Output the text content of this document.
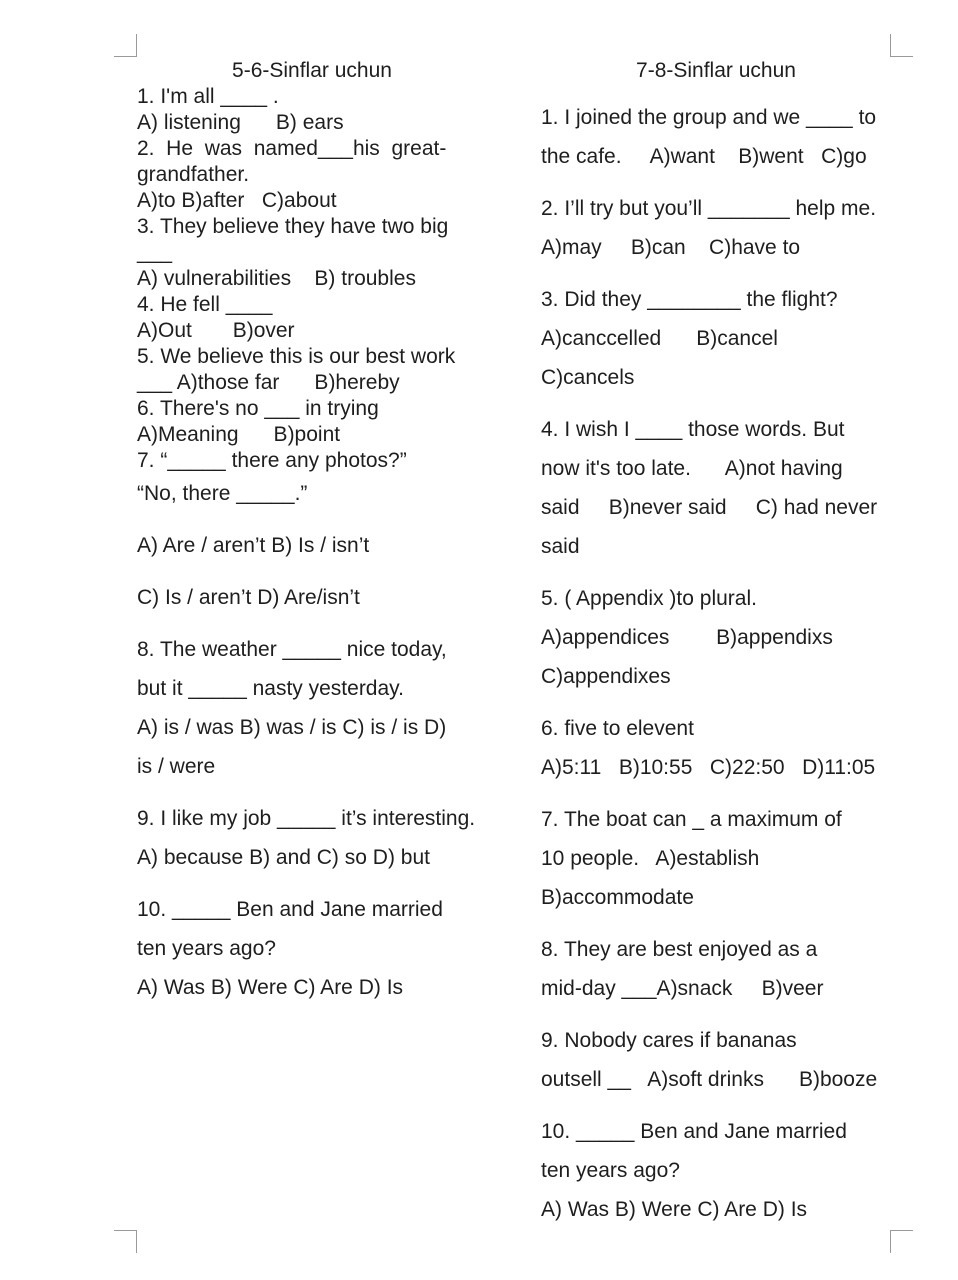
5-6-Sinflar uchun
1. I'm all ____ .
A) listening      B) ears
2.  He  was  named___his  great-
grandfather.
A)to B)after   C)about
3. They believe they have two big
___
A) vulnerabilities    B) troubles
4. He fell ____
A)Out       B)over
5. We believe this is our best work
___ A)those far      B)hereby
6. There's no ___ in trying
A)Meaning      B)point
7. “_____ there any photos?”
“No, there _____.”
A) Are / aren’t B) Is / isn’t
C) Is / aren’t D) Are/isn’t
8. The weather _____ nice today,
but it _____ nasty yesterday.
A) is / was B) was / is C) is / is D)
is / were
9. I like my job _____ it’s interesting.
A) because B) and C) so D) but
10. _____ Ben and Jane married
ten years ago?
A) Was B) Were C) Are D) Is
7-8-Sinflar uchun
1. I joined the group and we ____ to
the cafe.     A)want    B)went   C)go
2. I’ll try but you’ll _______ help me.
A)may     B)can    C)have to
3. Did they ________ the flight?
A)canccelled      B)cancel
C)cancels
4. I wish I ____ those words. But
now it's too late.      A)not having
said     B)never said     C) had never
said
5. ( Appendix )to plural.
A)appendices        B)appendixs
C)appendixes
6. five to elevent
A)5:11   B)10:55   C)22:50   D)11:05
7. The boat can _ a maximum of
10 people.   A)establish
B)accommodate
8. They are best enjoyed as a
mid-day ___A)snack     B)veer
9. Nobody cares if bananas
outsell __   A)soft drinks      B)booze
10. _____ Ben and Jane married
ten years ago?
A) Was B) Were C) Are D) Is
